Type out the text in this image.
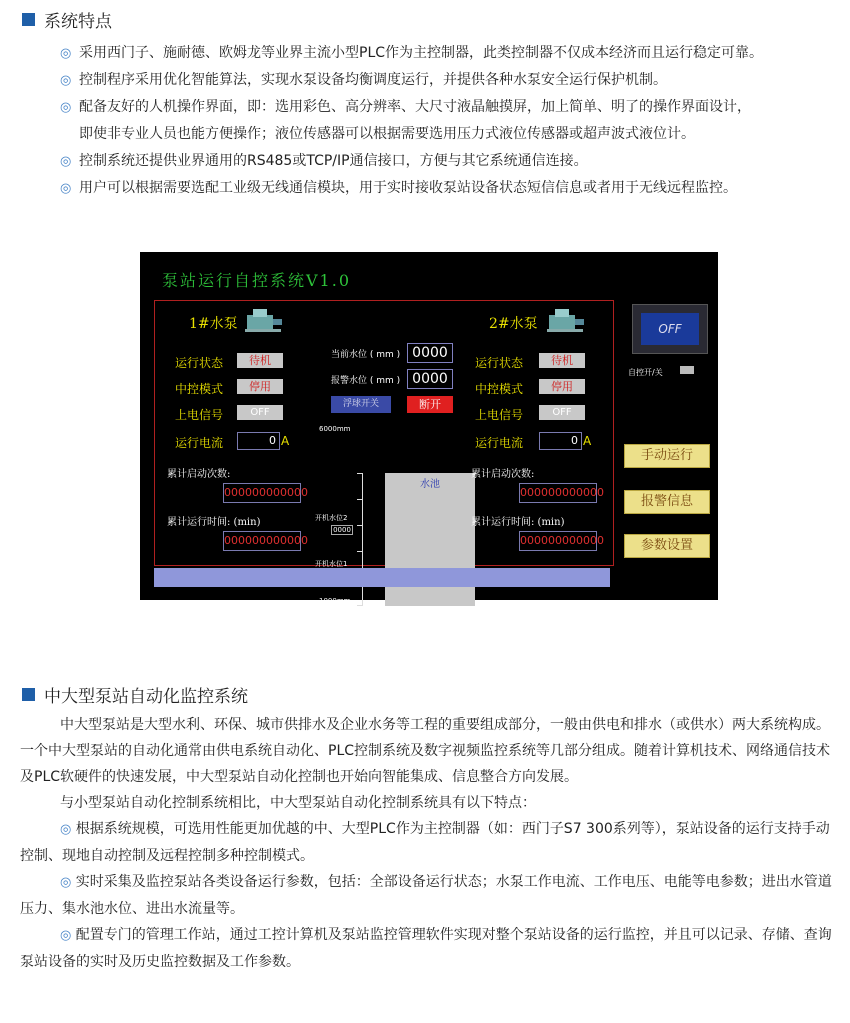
系统特点
◎ 采用西门子、施耐德、欧姆龙等业界主流小型PLC作为主控制器，此类控制器不仅成本经济而且运行稳定可靠。
◎ 控制程序采用优化智能算法，实现水泵设备均衡调度运行，并提供各种水泵安全运行保护机制。
◎ 配备友好的人机操作界面，即：选用彩色、高分辨率、大尺寸液晶触摸屏，加上简单、明了的操作界面设计，
即使非专业人员也能方便操作；液位传感器可以根据需要选用压力式液位传感器或超声波式液位计。
◎ 控制系统还提供业界通用的RS485或TCP/IP通信接口，方便与其它系统通信连接。
◎ 用户可以根据需要选配工业级无线通信模块，用于实时接收泵站设备状态短信信息或者用于无线远程监控。
泵站运行自控系统V1.0
1#水泵
运行状态	待机
中控模式	停用
上电信号	OFF
运行电流	0 A
累计启动次数:
000000000000
累计运行时间: (min)
000000000000
当前水位 ( mm ) 0000
报警水位 ( mm ) 0000
浮球开关	断开
6000mm
水池
开机水位2
0000
开机水位1
1000mm
2#水泵
运行状态	待机
中控模式	停用
上电信号	OFF
运行电流	0 A
累计启动次数:
000000000000
累计运行时间: (min)
000000000000
OFF
自控开/关
手动运行
报警信息
参数设置
中大型泵站自动化监控系统

中大型泵站是大型水利、环保、城市供排水及企业水务等工程的重要组成部分，一般由供电和排水（或供水）两大系统构成。一个中大型泵站的自动化通常由供电系统自动化、PLC控制系统及数字视频监控系统等几部分组成。随着计算机技术、网络通信技术及PLC软硬件的快速发展，中大型泵站自动化控制也开始向智能集成、信息整合方向发展。

与小型泵站自动化控制系统相比，中大型泵站自动化控制系统具有以下特点：

◎ 根据系统规模，可选用性能更加优越的中、大型PLC作为主控制器（如：西门子S7 300系列等），泵站设备的运行支持手动控制、现地自动控制及远程控制多种控制模式。

◎ 实时采集及监控泵站各类设备运行参数，包括：全部设备运行状态；水泵工作电流、工作电压、电能等电参数；进出水管道压力、集水池水位、进出水流量等。

◎ 配置专门的管理工作站，通过工控计算机及泵站监控管理软件实现对整个泵站设备的运行监控，并且可以记录、存储、查询泵站设备的实时及历史监控数据及工作参数。
